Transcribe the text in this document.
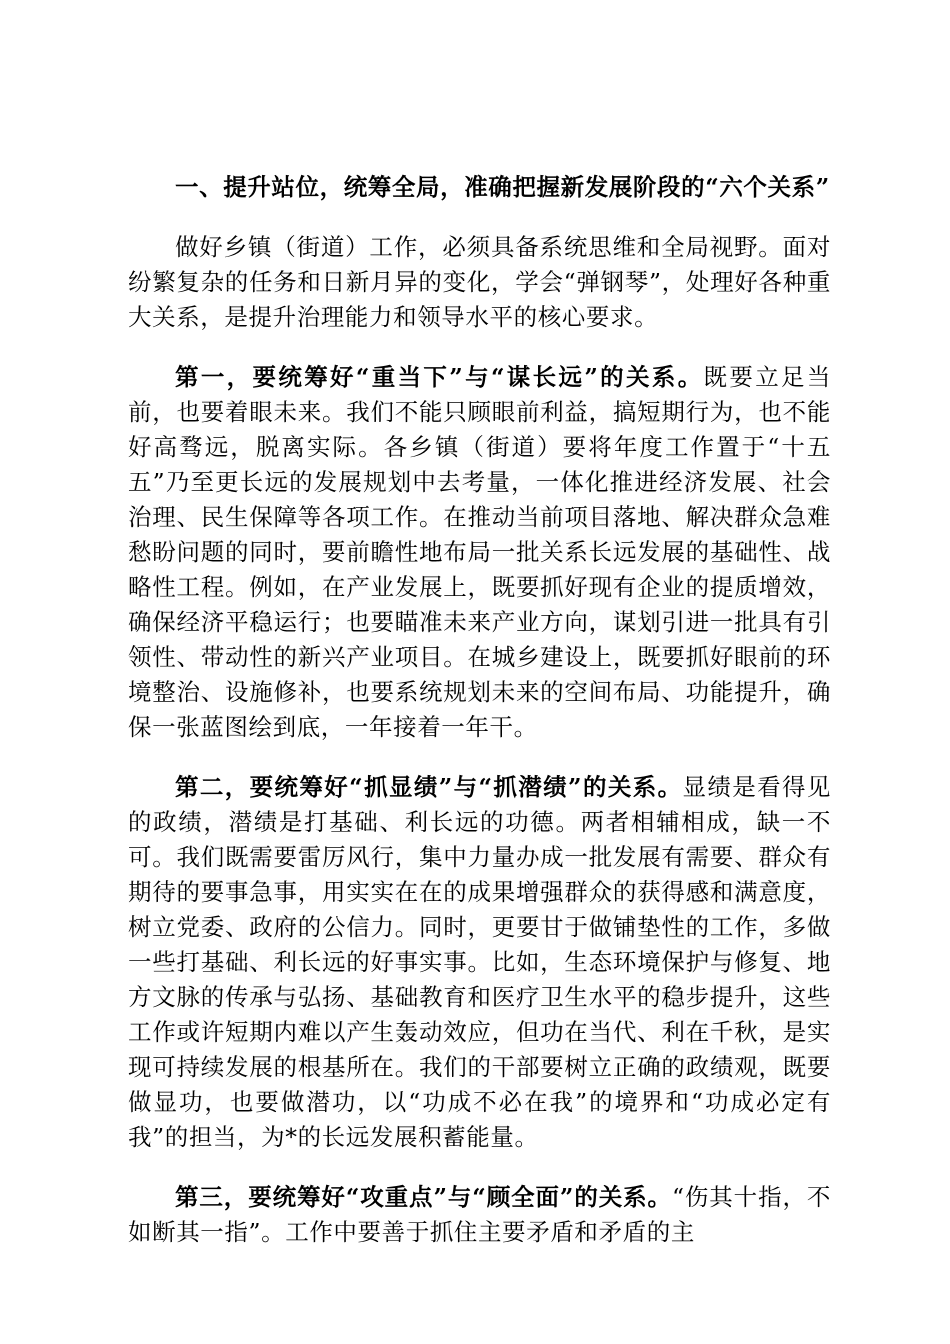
一、提升站位，统筹全局，准确把握新发展阶段的“六个关系”

做好乡镇（街道）工作，必须具备系统思维和全局视野。面对纷繁复杂的任务和日新月异的变化，学会“弹钢琴”，处理好各种重大关系，是提升治理能力和领导水平的核心要求。

第一，要统筹好“重当下”与“谋长远”的关系。既要立足当前，也要着眼未来。我们不能只顾眼前利益，搞短期行为，也不能好高骛远，脱离实际。各乡镇（街道）要将年度工作置于“十五五”乃至更长远的发展规划中去考量，一体化推进经济发展、社会治理、民生保障等各项工作。在推动当前项目落地、解决群众急难愁盼问题的同时，要前瞻性地布局一批关系长远发展的基础性、战略性工程。例如，在产业发展上，既要抓好现有企业的提质增效，确保经济平稳运行；也要瞄准未来产业方向，谋划引进一批具有引领性、带动性的新兴产业项目。在城乡建设上，既要抓好眼前的环境整治、设施修补，也要系统规划未来的空间布局、功能提升，确保一张蓝图绘到底，一年接着一年干。

第二，要统筹好“抓显绩”与“抓潜绩”的关系。显绩是看得见的政绩，潜绩是打基础、利长远的功德。两者相辅相成，缺一不可。我们既需要雷厉风行，集中力量办成一批发展有需要、群众有期待的要事急事，用实实在在的成果增强群众的获得感和满意度，树立党委、政府的公信力。同时，更要甘于做铺垫性的工作，多做一些打基础、利长远的好事实事。比如，生态环境保护与修复、地方文脉的传承与弘扬、基础教育和医疗卫生水平的稳步提升，这些工作或许短期内难以产生轰动效应，但功在当代、利在千秋，是实现可持续发展的根基所在。我们的干部要树立正确的政绩观，既要做显功，也要做潜功，以“功成不必在我”的境界和“功成必定有我”的担当，为*的长远发展积蓄能量。

第三，要统筹好“攻重点”与“顾全面”的关系。“伤其十指，不如断其一指”。工作中要善于抓住主要矛盾和矛盾的主
